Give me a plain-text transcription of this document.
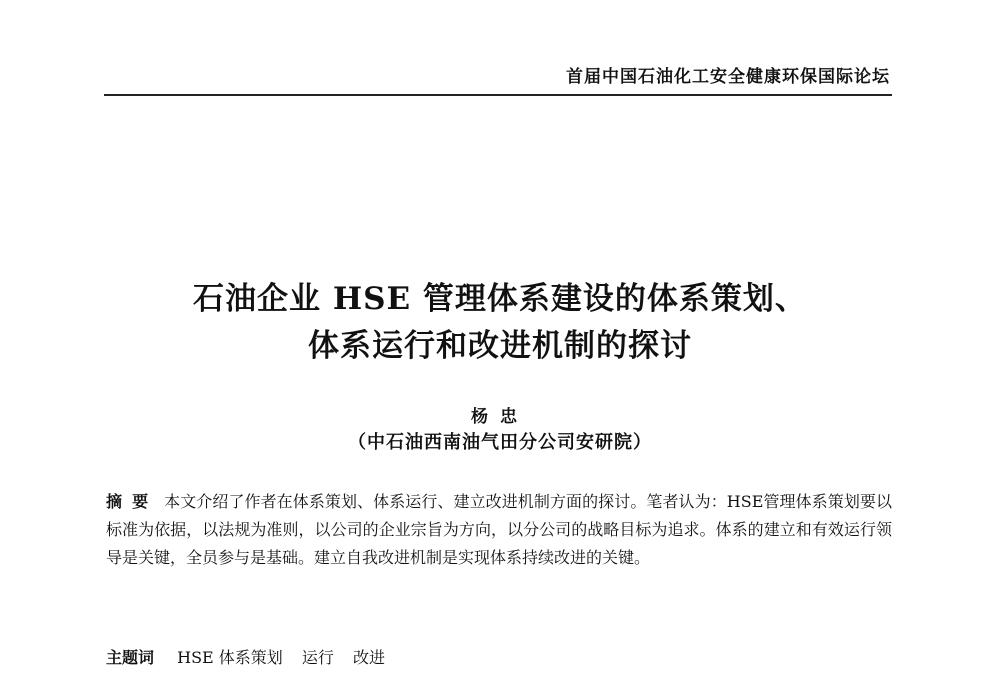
首届中国石油化工安全健康环保国际论坛
石油企业 HSE 管理体系建设的体系策划、
体系运行和改进机制的探讨
杨忠
（中石油西南油气田分公司安研院）
摘要 本文介绍了作者在体系策划、体系运行、建立改进机制方面的探讨。笔者认为：HSE管理体系策划要以标准为依据，以法规为准则，以公司的企业宗旨为方向，以分公司的战略目标为追求。体系的建立和有效运行领导是关键，全员参与是基础。建立自我改进机制是实现体系持续改进的关键。
主题词 HSE 体系策划 运行 改进
